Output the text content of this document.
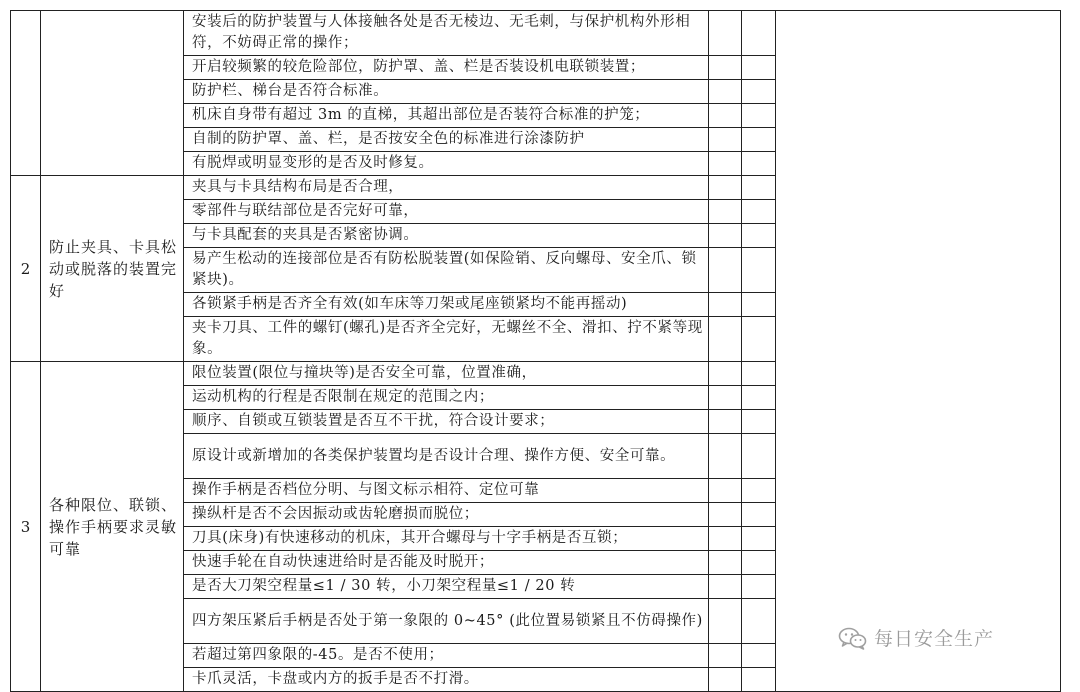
		安装后的防护装置与人体接触各处是否无棱边、无毛刺，与保护机构外形相符，不妨碍正常的操作；			
		开启较频繁的较危险部位，防护罩、盖、栏是否装设机电联锁装置；			
		防护栏、梯台是否符合标准。			
		机床自身带有超过 3m 的直梯，其超出部位是否装符合标准的护笼；			
		自制的防护罩、盖、栏，是否按安全色的标准进行涂漆防护			
		有脱焊或明显变形的是否及时修复。			
2	防止夹具、卡具松动或脱落的装置完好	夹具与卡具结构布局是否合理，			
		零部件与联结部位是否完好可靠，			
		与卡具配套的夹具是否紧密协调。			
		易产生松动的连接部位是否有防松脱装置(如保险销、反向螺母、安全爪、锁紧块)。			
		各锁紧手柄是否齐全有效(如车床等刀架或尾座锁紧均不能再摇动)			
		夹卡刀具、工件的螺钉(螺孔)是否齐全完好，无螺丝不全、滑扣、拧不紧等现象。			
3	各种限位、联锁、操作手柄要求灵敏可靠	限位装置(限位与撞块等)是否安全可靠，位置准确，			
		运动机构的行程是否限制在规定的范围之内；			
		顺序、自锁或互锁装置是否互不干扰，符合设计要求；			
		原设计或新增加的各类保护装置均是否设计合理、操作方便、安全可靠。			
		操作手柄是否档位分明、与图文标示相符、定位可靠			
		操纵杆是否不会因振动或齿轮磨损而脱位；			
		刀具(床身)有快速移动的机床，其开合螺母与十字手柄是否互锁；			
		快速手轮在自动快速进给时是否能及时脱开；			
		是否大刀架空程量≤1 / 30 转，小刀架空程量≤1 / 20 转			
		四方架压紧后手柄是否处于第一象限的 0~45° (此位置易锁紧且不仿碍操作)			
		若超过第四象限的-45。是否不使用；			
		卡爪灵活，卡盘或内方的扳手是否不打滑。			
每日安全生产
